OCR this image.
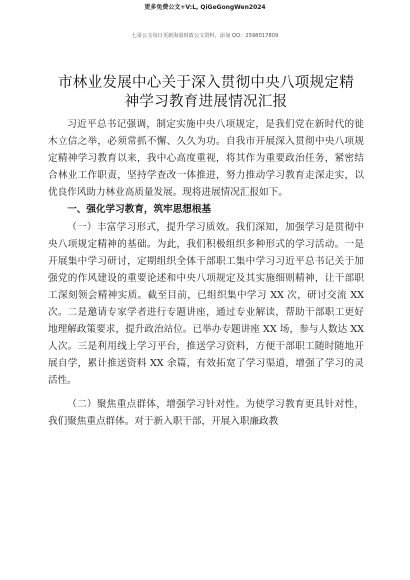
更多免费公文+V:L, QiGeGongWen2024
七哥公文每日更新海量时政公文资料，添加 QQ：2598017809
市林业发展中心关于深入贯彻中央八项规定精神学习教育进展情况汇报

习近平总书记强调，制定实施中央八项规定，是我们党在新时代的徙木立信之举，必须常抓不懈、久久为功。自我市开展深入贯彻中央八项规定精神学习教育以来，我中心高度重视，将其作为重要政治任务，紧密结合林业工作职责，坚持学查改一体推进，努力推动学习教育走深走实，以优良作风助力林业高质量发展。现将进展情况汇报如下。

一、强化学习教育，筑牢思想根基

（一）丰富学习形式，提升学习质效。我们深知，加强学习是贯彻中央八项规定精神的基础。为此，我们积极组织多种形式的学习活动。一是开展集中学习研讨，定期组织全体干部职工集中学习习近平总书记关于加强党的作风建设的重要论述和中央八项规定及其实施细则精神，让干部职工深刻领会精神实质。截至目前，已组织集中学习 XX 次，研讨交流 XX 次。二是邀请专家学者进行专题讲座，通过专业解读，帮助干部职工更好地理解政策要求，提升政治站位。已举办专题讲座 XX 场，参与人数达 XX 人次。三是利用线上学习平台，推送学习资料，方便干部职工随时随地开展自学，累计推送资料 XX 余篇，有效拓宽了学习渠道，增强了学习的灵活性。

（二）聚焦重点群体，增强学习针对性。为使学习教育更具针对性，我们聚焦重点群体。对于新入职干部，开展入职廉政教
